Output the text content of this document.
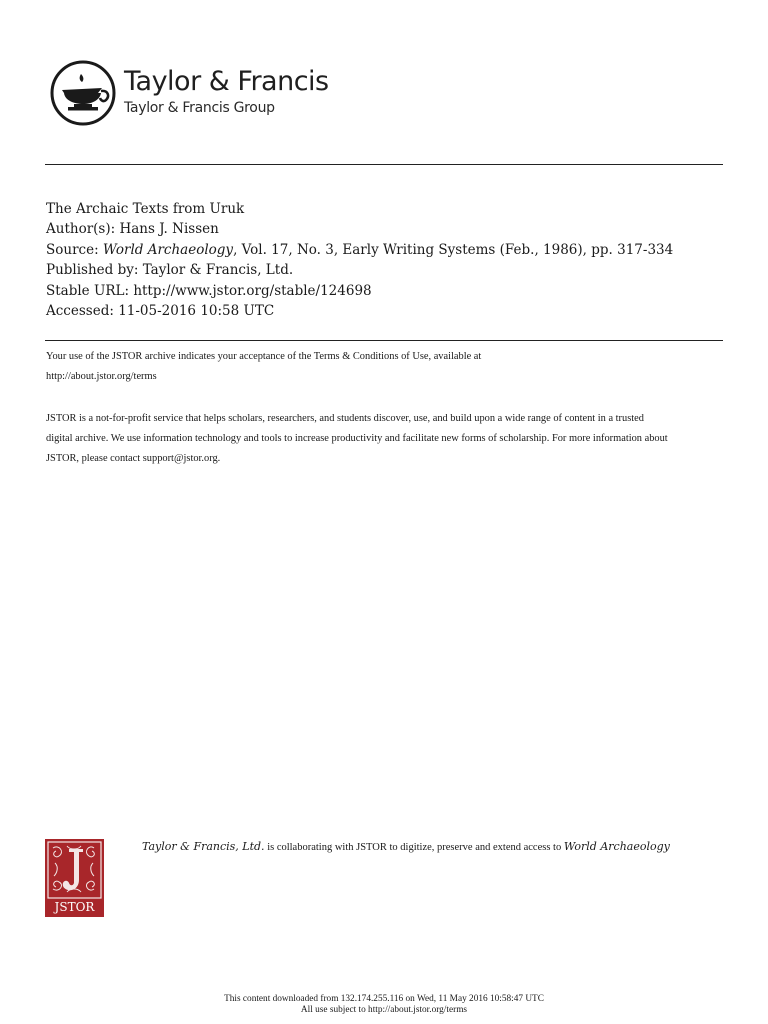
Taylor & Francis
Taylor & Francis Group
The Archaic Texts from Uruk
Author(s): Hans J. Nissen
Source: World Archaeology, Vol. 17, No. 3, Early Writing Systems (Feb., 1986), pp. 317-334
Published by: Taylor & Francis, Ltd.
Stable URL: http://www.jstor.org/stable/124698
Accessed: 11-05-2016 10:58 UTC
Your use of the JSTOR archive indicates your acceptance of the Terms & Conditions of Use, available at
http://about.jstor.org/terms
JSTOR is a not-for-profit service that helps scholars, researchers, and students discover, use, and build upon a wide range of content in a trusted
digital archive. We use information technology and tools to increase productivity and facilitate new forms of scholarship. For more information about
JSTOR, please contact support@jstor.org.
JSTOR
Taylor & Francis, Ltd. is collaborating with JSTOR to digitize, preserve and extend access to World Archaeology
This content downloaded from 132.174.255.116 on Wed, 11 May 2016 10:58:47 UTC
All use subject to http://about.jstor.org/terms
